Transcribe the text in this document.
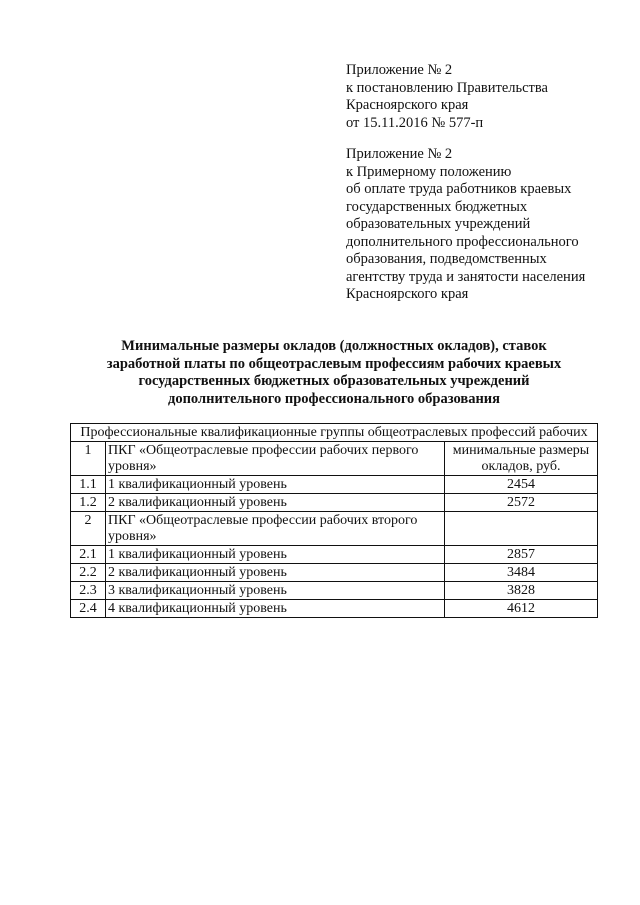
Приложение № 2
к постановлению Правительства
Красноярского края
от 15.11.2016 № 577-п
Приложение № 2
к Примерному положению
об оплате труда работников краевых
государственных бюджетных
образовательных учреждений
дополнительного профессионального
образования, подведомственных
агентству труда и занятости населения
Красноярского края
Минимальные размеры окладов (должностных окладов), ставок
заработной платы по общеотраслевым профессиям рабочих краевых
государственных бюджетных образовательных учреждений
дополнительного профессионального образования
Профессиональные квалификационные группы общеотраслевых профессий рабочих		
1	ПКГ «Общеотраслевые профессии рабочих первого уровня»	минимальные размеры окладов, руб.
1.1	1 квалификационный уровень	2454
1.2	2 квалификационный уровень	2572
2	ПКГ «Общеотраслевые профессии рабочих второго уровня»	
2.1	1 квалификационный уровень	2857
2.2	2 квалификационный уровень	3484
2.3	3 квалификационный уровень	3828
2.4	4 квалификационный уровень	4612
